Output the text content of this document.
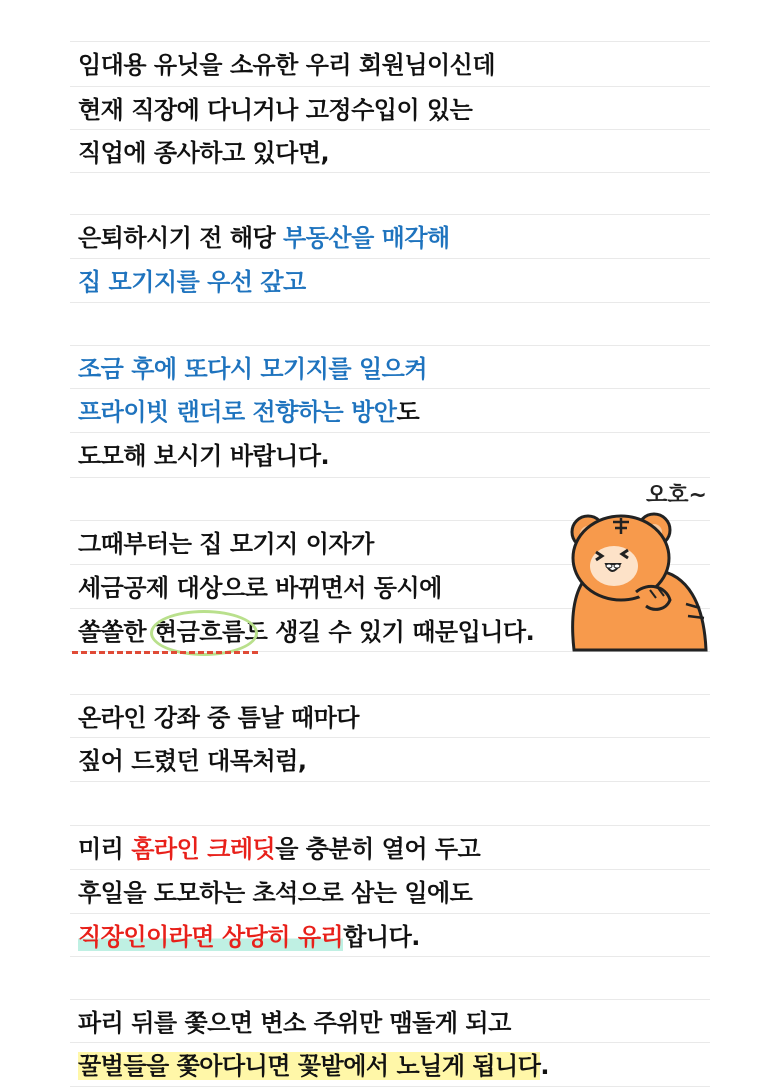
임대용 유닛을 소유한 우리 회원님이신데
현재 직장에 다니거나 고정수입이 있는
직업에 종사하고 있다면,
은퇴하시기 전 해당 부동산을 매각해
집 모기지를 우선 갚고
조금 후에 또다시 모기지를 일으켜
프라이빗 랜더로 전향하는 방안도
도모해 보시기 바랍니다.
그때부터는 집 모기지 이자가
세금공제 대상으로 바뀌면서 동시에
쏠쏠한 현금흐름도 생길 수 있기 때문입니다.
온라인 강좌 중 틈날 때마다
짚어 드렸던 대목처럼,
미리 홈라인 크레딧을 충분히 열어 두고
후일을 도모하는 초석으로 삼는 일에도
직장인이라면 상당히 유리합니다.
파리 뒤를 쫓으면 변소 주위만 맴돌게 되고
꿀벌들을 쫓아다니면 꽃밭에서 노닐게 됩니다.
오호~
